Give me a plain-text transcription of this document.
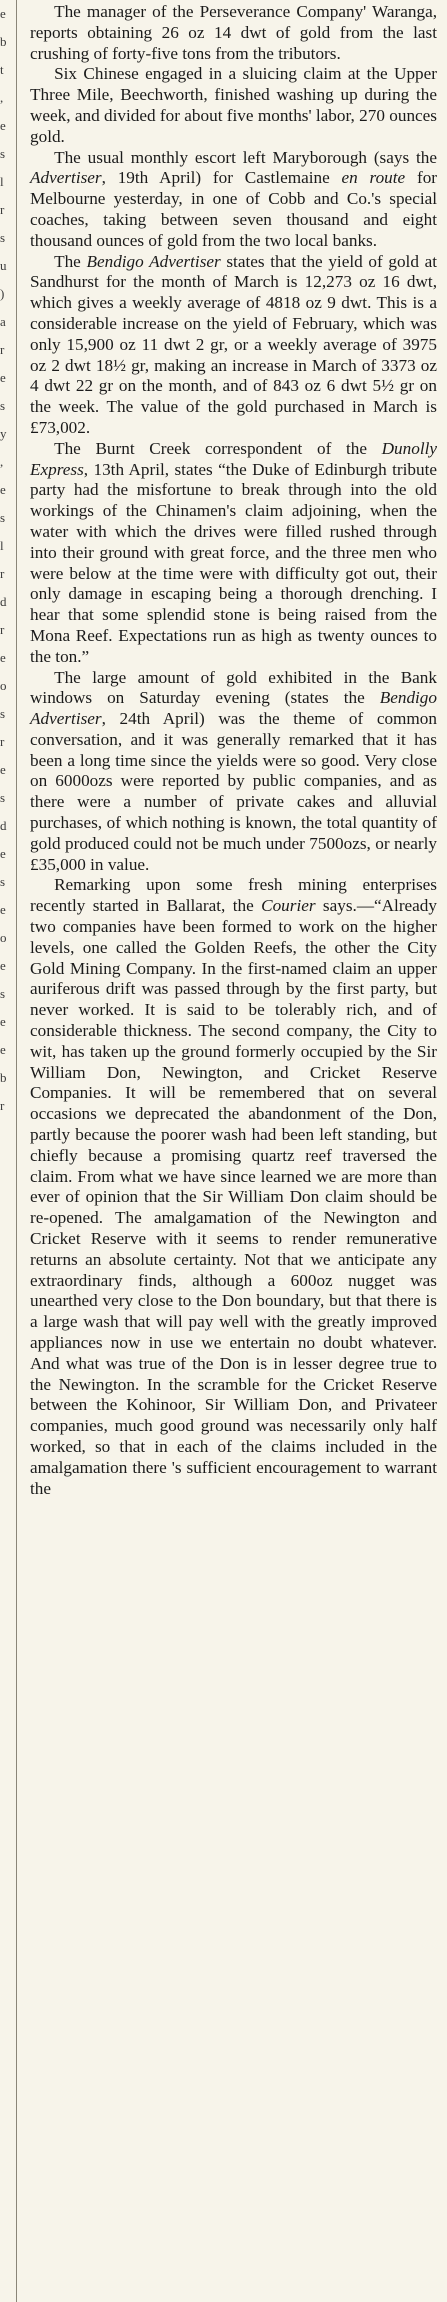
e
b
t
,
e
s
l
r
s
u
)
a
r
e
s
y
,
e
s
l
r
d
r
e
o
s
r
e
s
d
e
s
e
o
e
s
e
e
b
r

The manager of the Perseverance Company' Waranga, reports obtaining 26 oz 14 dwt of gold from the last crushing of forty-five tons from the tributors.

Six Chinese engaged in a sluicing claim at the Upper Three Mile, Beechworth, finished washing up during the week, and divided for about five months' labor, 270 ounces gold.

The usual monthly escort left Maryborough (says the Advertiser, 19th April) for Castlemaine en route for Melbourne yesterday, in one of Cobb and Co.'s special coaches, taking between seven thousand and eight thousand ounces of gold from the two local banks.

The Bendigo Advertiser states that the yield of gold at Sandhurst for the month of March is 12,273 oz 16 dwt, which gives a weekly average of 4818 oz 9 dwt. This is a considerable increase on the yield of February, which was only 15,900 oz 11 dwt 2 gr, or a weekly average of 3975 oz 2 dwt 18½ gr, making an increase in March of 3373 oz 4 dwt 22 gr on the month, and of 843 oz 6 dwt 5½ gr on the week. The value of the gold purchased in March is £73,002.

The Burnt Creek correspondent of the Dunolly Express, 13th April, states “the Duke of Edinburgh tribute party had the misfortune to break through into the old workings of the Chinamen's claim adjoining, when the water with which the drives were filled rushed through into their ground with great force, and the three men who were below at the time were with difficulty got out, their only damage in escaping being a thorough drenching. I hear that some splendid stone is being raised from the Mona Reef. Expectations run as high as twenty ounces to the ton.”

The large amount of gold exhibited in the Bank windows on Saturday evening (states the Bendigo Advertiser, 24th April) was the theme of common conversation, and it was generally remarked that it has been a long time since the yields were so good. Very close on 6000ozs were reported by public companies, and as there were a number of private cakes and alluvial purchases, of which nothing is known, the total quantity of gold produced could not be much under 7500ozs, or nearly £35,000 in value.

Remarking upon some fresh mining enterprises recently started in Ballarat, the Courier says.—“Already two companies have been formed to work on the higher levels, one called the Golden Reefs, the other the City Gold Mining Company. In the first-named claim an upper auriferous drift was passed through by the first party, but never worked. It is said to be tolerably rich, and of considerable thickness. The second company, the City to wit, has taken up the ground formerly occupied by the Sir William Don, Newington, and Cricket Reserve Companies. It will be remembered that on several occasions we deprecated the abandonment of the Don, partly because the poorer wash had been left standing, but chiefly because a promising quartz reef traversed the claim. From what we have since learned we are more than ever of opinion that the Sir William Don claim should be re-opened. The amalgamation of the Newington and Cricket Reserve with it seems to render remunerative returns an absolute certainty. Not that we anticipate any extraordinary finds, although a 600oz nugget was unearthed very close to the Don boundary, but that there is a large wash that will pay well with the greatly improved appliances now in use we entertain no doubt whatever. And what was true of the Don is in lesser degree true to the Newington. In the scramble for the Cricket Reserve between the Kohinoor, Sir William Don, and Privateer companies, much good ground was necessarily only half worked, so that in each of the claims included in the amalgamation there 's sufficient encouragement to warrant the
